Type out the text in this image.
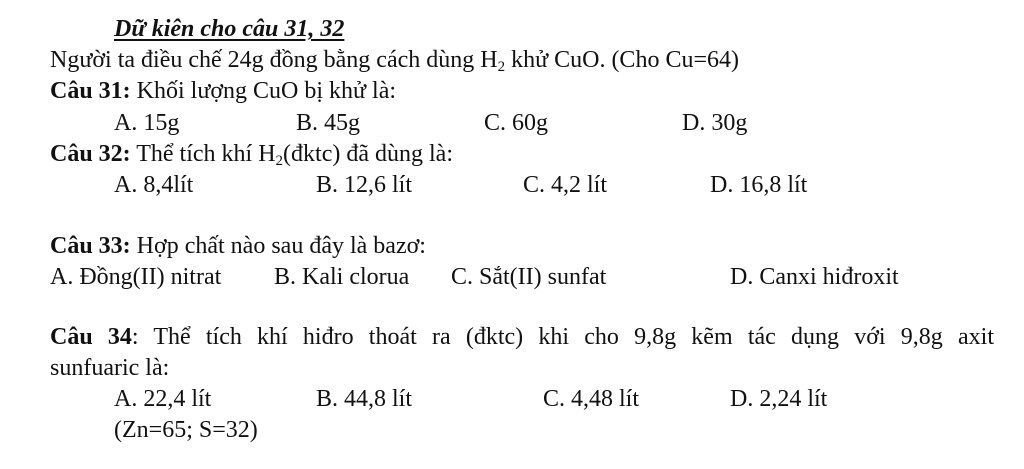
Dữ kiên cho câu 31, 32
Người ta điều chế 24g đồng bằng cách dùng $H_2$ khử CuO. (Cho Cu=64)
Câu 31: Khối lượng CuO bị khử là:
A. 15g	B. 45g	C. 60g	D. 30g
Câu 32: Thể tích khí $H_2(đktc)$ đã dùng là:
A. 8,4lít	B. 12,6 lít	C. 4,2 lít	D. 16,8 lít
Câu 33: Hợp chất nào sau đây là bazơ:
A. Đồng(II) nitrat B. Kali clorua C. Sắt(II) sunfat	D. Canxi hiđroxit
Câu 34: Thể tích khí hiđro thoát ra (đktc) khi cho 9,8g kẽm tác dụng với 9,8g axit
sunfuaric là:
A. 22,4 lít	B. 44,8 lít	C. 4,48 lít	D. 2,24 lít
(Zn=65; S=32)
